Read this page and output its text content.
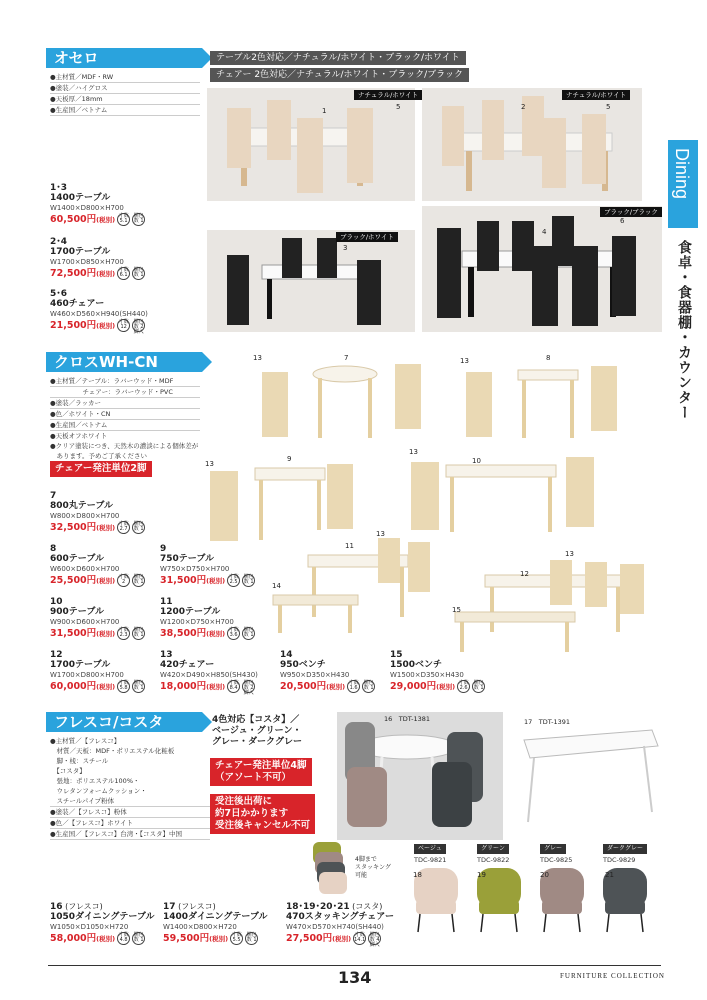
Dining
食卓・食器棚・カウンター
オセロ	テーブル2色対応／ナチュラル/ホワイト・ブラック/ホワイト
チェアー 2色対応／ナチュラル/ホワイト・ブラック/ブラック
●主材質／MDF・RW
●塗装／ハイグロス
●天板厚／18mm
●生産国／ベトナム
ナチュラル/ホワイト
1	5
ナチュラル/ホワイト
2	5
ブラック/ホワイト
3
ブラック/ブラック
4
6
1･3
1400テーブル
W1400×D800×H700
60,500円(税別) 才数 5.1梱包数 1
2･4
1700テーブル
W1700×D850×H700
72,500円(税別) 才数 6.1梱包数 1
5･6
460チェアー
W460×D560×H940(SH440)
21,500円(税別) 才数 12梱包数 2脚入
クロスWH-CN
●主材質／テーブル：ラバーウッド・MDF
　　　　　チェアー：ラバーウッド・PVC
●塗装／ラッカー
●色／ホワイト・CN
●生産国／ベトナム
●天板オフホワイト
●クリア塗装につき、天然木の濃淡による個体差が
　あります。予めご了承ください
チェアー発注単位2脚
13	7	13	8
13
9
13
10
13
11
14
13
12
15
7
800丸テーブル
W800×D800×H700
32,500円(税別) 才数 2.7梱包数 1
8
600テーブル
W600×D600×H700
25,500円(税別) 才数 2梱包数 1
9
750テーブル
W750×D750×H700
31,500円(税別) 才数 2.5梱包数 1
10
900テーブル
W900×D600×H700
31,500円(税別) 才数 2.3梱包数 1
11
1200テーブル
W1200×D750×H700
38,500円(税別) 才数 3.6梱包数 1
12
1700テーブル
W1700×D800×H700
60,000円(税別) 才数 5.8梱包数 1
13
420チェアー
W420×D490×H850(SH430)
18,000円(税別) 才数 8.4梱包数 2脚入
14
950ベンチ
W950×D350×H430
20,500円(税別) 才数 1.6梱包数 1
15
1500ベンチ
W1500×D350×H430
29,000円(税別) 才数 2.6梱包数 1
フレスコ/コスタ	4色対応【コスタ】／
ベージュ・グリーン・
グレー・ダークグレー
●主材質／【フレスコ】
　材質／天板：MDF・ポリエステル化粧板
　脚・桟：スチール
　【コスタ】
　張地：ポリエステル100%・
　ウレタンフォームクッション・
　スチールパイプ粉体
●塗装／【フレスコ】粉体
●色／【フレスコ】ホワイト
●生産国／【フレスコ】台湾・【コスタ】中国
チェアー発注単位4脚
（アソート不可）
受注後出荷に
約7日かかります
受注後キャンセル不可
16　TDT-1381	17　TDT-1391
4脚まで
スタッキング
可能
ベージュ	グリーン	グレー	ダークグレー
TDC-9821	TDC-9822	TDC-9825	TDC-9829
18	19	20	21
16 (フレスコ)
1050ダイニングテーブル
W1050×D1050×H720
58,000円(税別) 才数 4.8梱包数 1
17 (フレスコ)
1400ダイニングテーブル
W1400×D800×H720
59,500円(税別) 才数 5.5梱包数 1
18･19･20･21 (コスタ)
470スタッキングチェアー
W470×D570×H740(SH440)
27,500円(税別) 才数 14.1梱包数 4脚入
134	FURNITURE COLLECTION
